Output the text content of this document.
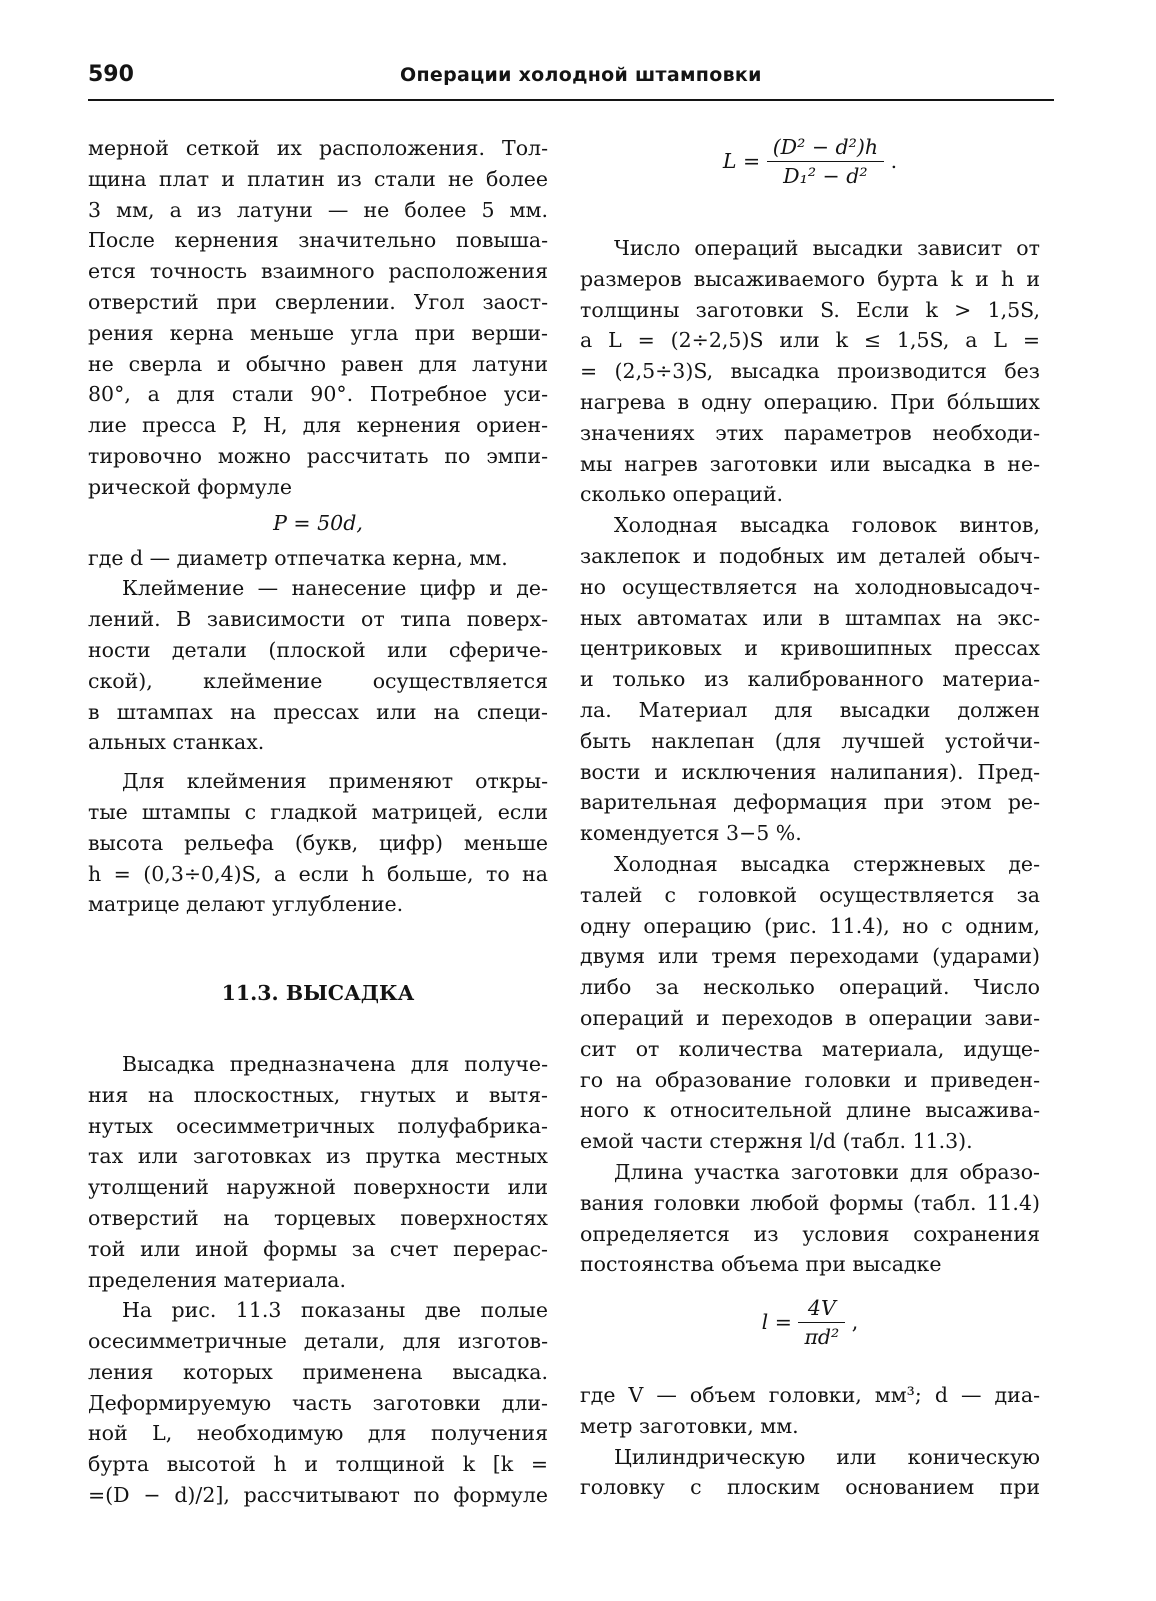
590	Операции холодной штамповки
мерной сеткой их расположения. Тол-
щина плат и платин из стали не более
3 мм, а из латуни — не более 5 мм.
После кернения значительно повыша-
ется точность взаимного расположения
отверстий при сверлении. Угол заост-
рения керна меньше угла при верши-
не сверла и обычно равен для латуни
80°, а для стали 90°. Потребное уси-
лие пресса P, Н, для кернения ориен-
тировочно можно рассчитать по эмпи-
рической формуле
P = 50d,
где d — диаметр отпечатка керна, мм.
Клеймение — нанесение цифр и де-
лений. В зависимости от типа поверх-
ности детали (плоской или сфериче-
ской), клеймение осуществляется
в штампах на прессах или на специ-
альных станках.
Для клеймения применяют откры-
тые штампы с гладкой матрицей, если
высота рельефа (букв, цифр) меньше
h = (0,3÷0,4)S, а если h больше, то на
матрице делают углубление.
11.3. ВЫСАДКА
Высадка предназначена для получе-
ния на плоскостных, гнутых и вытя-
нутых осесимметричных полуфабрика-
тах или заготовках из прутка местных
утолщений наружной поверхности или
отверстий на торцевых поверхностях
той или иной формы за счет перерас-
пределения материала.
На рис. 11.3 показаны две полые
осесимметричные детали, для изготов-
ления которых применена высадка.
Деформируемую часть заготовки дли-
ной L, необходимую для получения
бурта высотой h и толщиной k [k =
=(D − d)/2], рассчитывают по формуле
$L = \frac{\text{(D² − d²)h}}{\text{D₁² − d²}}$ .
Число операций высадки зависит от
размеров высаживаемого бурта k и h и
толщины заготовки S. Если k > 1,5S,
а L = (2÷2,5)S или k ≤ 1,5S, а L =
= (2,5÷3)S, высадка производится без
нагрева в одну операцию. При бóльших
значениях этих параметров необходи-
мы нагрев заготовки или высадка в не-
сколько операций.
Холодная высадка головок винтов,
заклепок и подобных им деталей обыч-
но осуществляется на холодновысадоч-
ных автоматах или в штампах на экс-
центриковых и кривошипных прессах
и только из калиброванного материа-
ла. Материал для высадки должен
быть наклепан (для лучшей устойчи-
вости и исключения налипания). Пред-
варительная деформация при этом ре-
комендуется 3−5 %.
Холодная высадка стержневых де-
талей с головкой осуществляется за
одну операцию (рис. 11.4), но с одним,
двумя или тремя переходами (ударами)
либо за несколько операций. Число
операций и переходов в операции зави-
сит от количества материала, идуще-
го на образование головки и приведен-
ного к относительной длине высажива-
емой части стержня l/d (табл. 11.3).
Длина участка заготовки для образо-
вания головки любой формы (табл. 11.4)
определяется из условия сохранения
постоянства объема при высадке
$l = \frac{4V}{\text{πd²}}$ ,
где V — объем головки, мм³; d — диа-
метр заготовки, мм.
Цилиндрическую или коническую
головку с плоским основанием при
